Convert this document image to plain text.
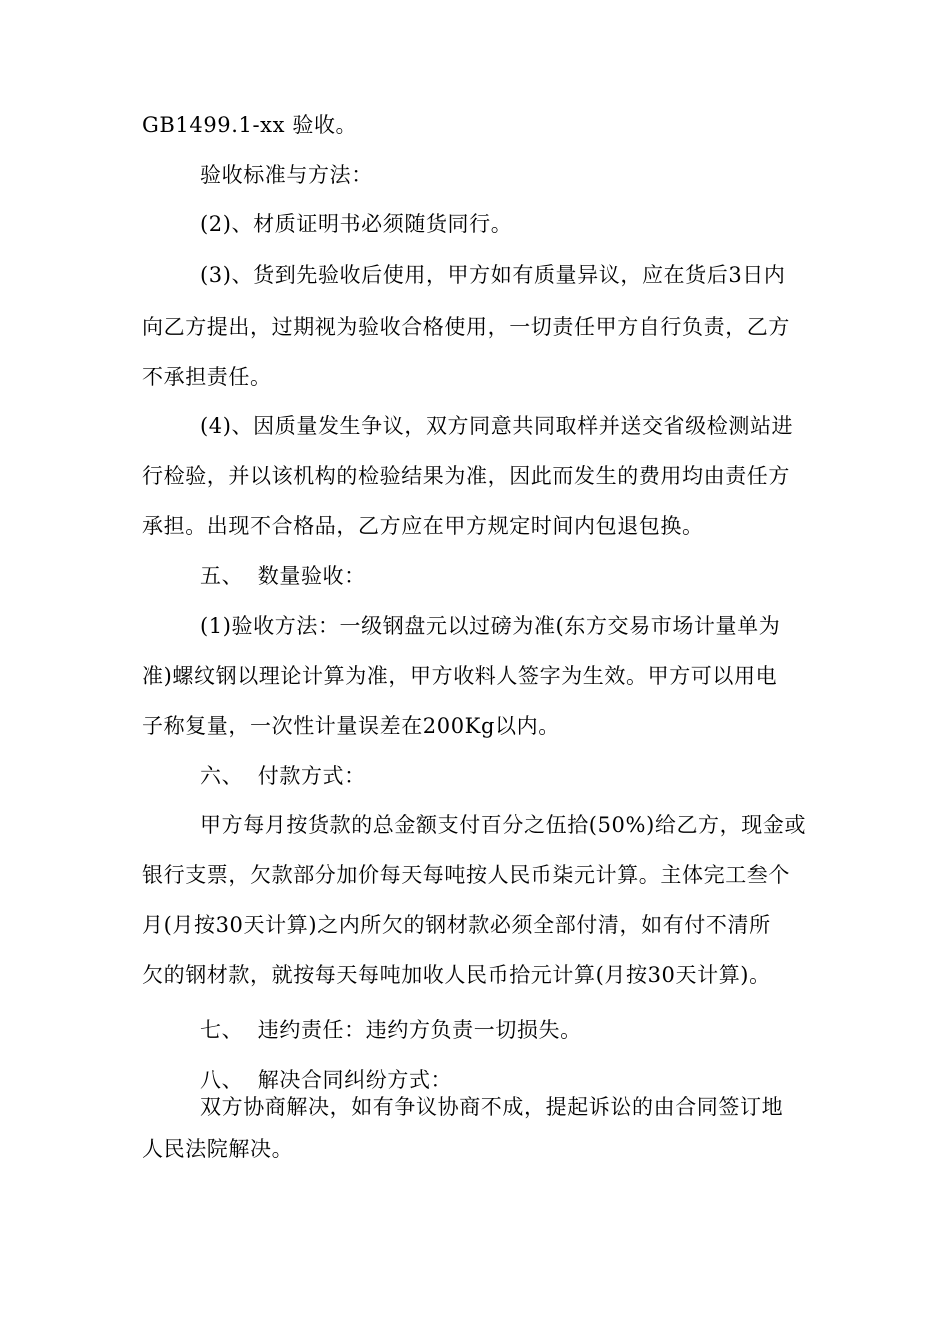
GB1499.1-xx 验收。
验收标准与方法：
(2)、材质证明书必须随货同行。
(3)、货到先验收后使用，甲方如有质量异议，应在货后3日内
向乙方提出，过期视为验收合格使用，一切责任甲方自行负责，乙方
不承担责任。
(4)、因质量发生争议，双方同意共同取样并送交省级检测站进
行检验，并以该机构的检验结果为准，因此而发生的费用均由责任方
承担。出现不合格品，乙方应在甲方规定时间内包退包换。
五、  数量验收：
(1)验收方法：一级钢盘元以过磅为准(东方交易市场计量单为
准)螺纹钢以理论计算为准，甲方收料人签字为生效。甲方可以用电
子称复量，一次性计量误差在200Kg以内。
六、  付款方式：
甲方每月按货款的总金额支付百分之伍拾(50%)给乙方，现金或
银行支票，欠款部分加价每天每吨按人民币柒元计算。主体完工叁个
月(月按30天计算)之内所欠的钢材款必须全部付清，如有付不清所
欠的钢材款，就按每天每吨加收人民币拾元计算(月按30天计算)。
七、  违约责任：违约方负责一切损失。
八、  解决合同纠纷方式：
双方协商解决，如有争议协商不成，提起诉讼的由合同签订地
人民法院解决。
